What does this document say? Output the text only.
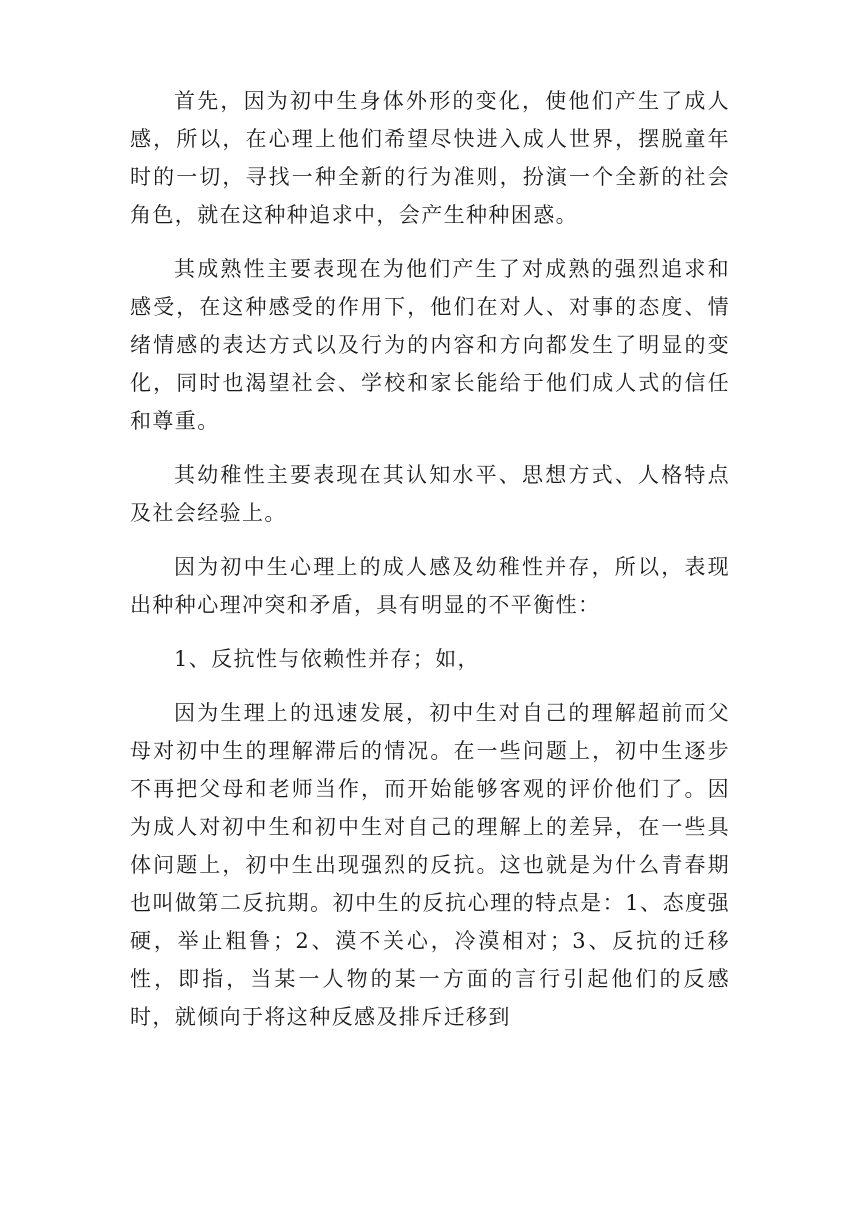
首先，因为初中生身体外形的变化，使他们产生了成人感，所以，在心理上他们希望尽快进入成人世界，摆脱童年时的一切，寻找一种全新的行为准则，扮演一个全新的社会角色，就在这种种追求中，会产生种种困惑。

其成熟性主要表现在为他们产生了对成熟的强烈追求和感受，在这种感受的作用下，他们在对人、对事的态度、情绪情感的表达方式以及行为的内容和方向都发生了明显的变化，同时也渴望社会、学校和家长能给于他们成人式的信任和尊重。

其幼稚性主要表现在其认知水平、思想方式、人格特点及社会经验上。

因为初中生心理上的成人感及幼稚性并存，所以，表现出种种心理冲突和矛盾，具有明显的不平衡性：

1、反抗性与依赖性并存；如，

因为生理上的迅速发展，初中生对自己的理解超前而父母对初中生的理解滞后的情况。在一些问题上，初中生逐步不再把父母和老师当作，而开始能够客观的评价他们了。因为成人对初中生和初中生对自己的理解上的差异，在一些具体问题上，初中生出现强烈的反抗。这也就是为什么青春期也叫做第二反抗期。初中生的反抗心理的特点是：1、态度强硬，举止粗鲁；2、漠不关心，冷漠相对；3、反抗的迁移性，即指，当某一人物的某一方面的言行引起他们的反感时，就倾向于将这种反感及排斥迁移到
